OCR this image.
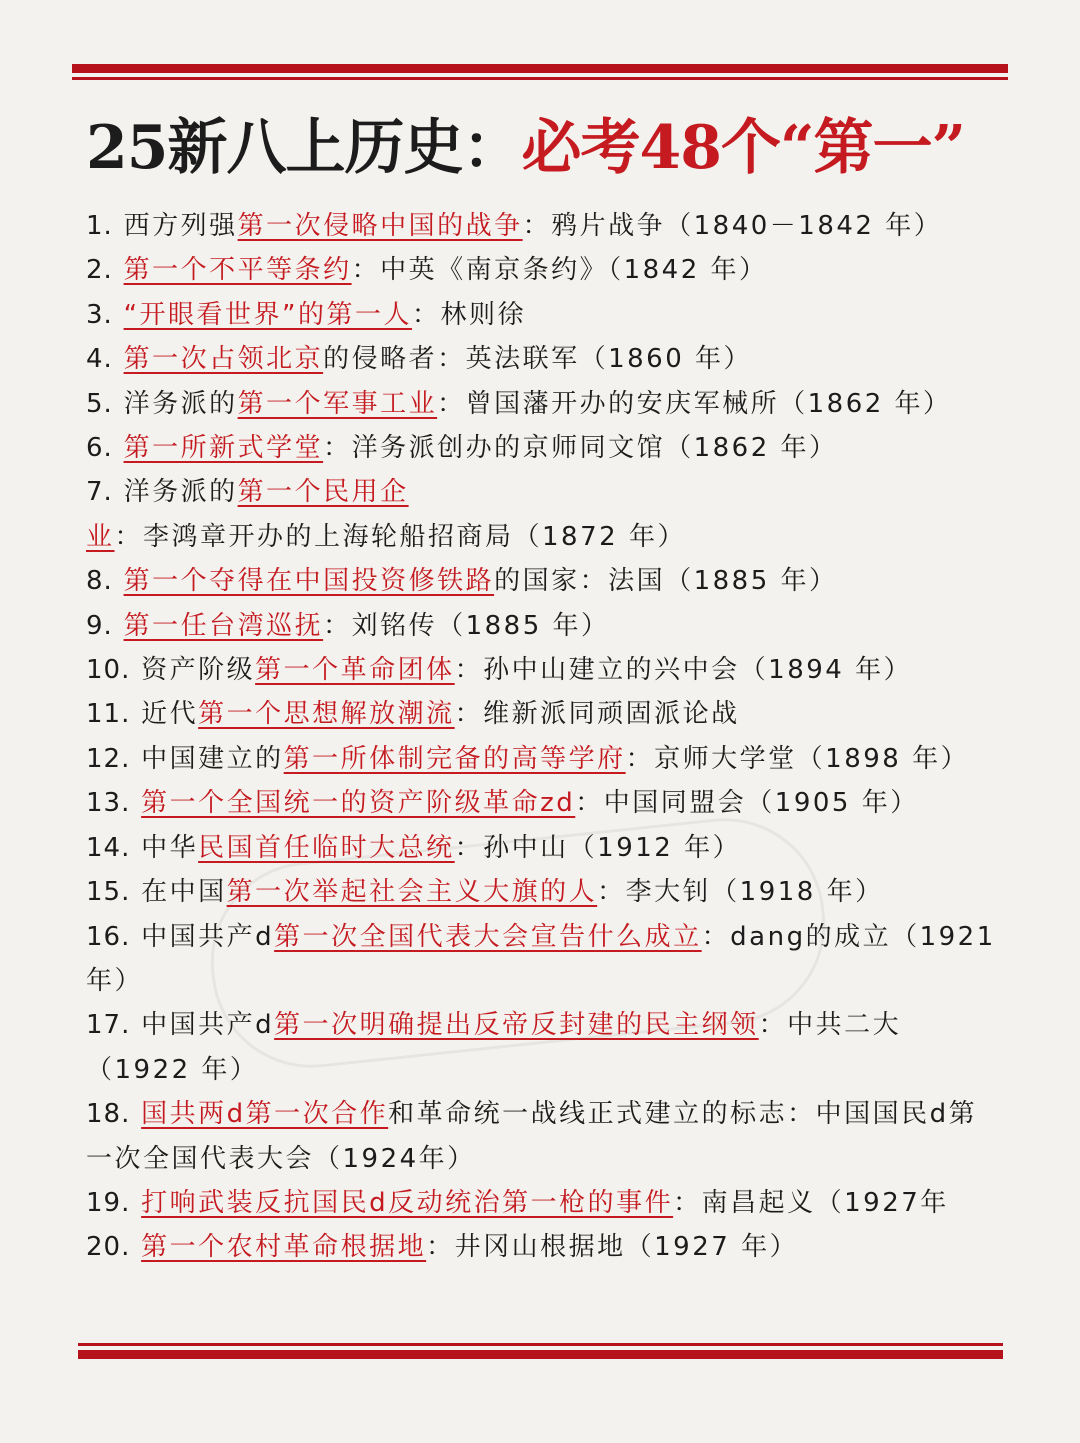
25新八上历史：必考48个“第一”
1. 西方列强第一次侵略中国的战争：鸦片战争（1840－1842 年）
2. 第一个不平等条约：中英《南京条约》（1842 年）
3. “开眼看世界”的第一人：林则徐
4. 第一次占领北京的侵略者：英法联军（1860 年）
5. 洋务派的第一个军事工业：曾国藩开办的安庆军械所（1862 年）
6. 第一所新式学堂：洋务派创办的京师同文馆（1862 年）
7. 洋务派的第一个民用企业：李鸿章开办的上海轮船招商局（1872 年）
8. 第一个夺得在中国投资修铁路的国家：法国（1885 年）
9. 第一任台湾巡抚：刘铭传（1885 年）
10. 资产阶级第一个革命团体：孙中山建立的兴中会（1894 年）
11. 近代第一个思想解放潮流：维新派同顽固派论战
12. 中国建立的第一所体制完备的高等学府：京师大学堂（1898 年）
13. 第一个全国统一的资产阶级革命zd：中国同盟会（1905 年）
14. 中华民国首任临时大总统：孙中山（1912 年）
15. 在中国第一次举起社会主义大旗的人：李大钊（1918 年）
16. 中国共产d第一次全国代表大会宣告什么成立：dang的成立（1921 年）
17. 中国共产d第一次明确提出反帝反封建的民主纲领：中共二大（1922 年）
18. 国共两d第一次合作和革命统一战线正式建立的标志：中国国民d第一次全国代表大会（1924年）
19. 打响武装反抗国民d反动统治第一枪的事件：南昌起义（1927年
20. 第一个农村革命根据地：井冈山根据地（1927 年）
